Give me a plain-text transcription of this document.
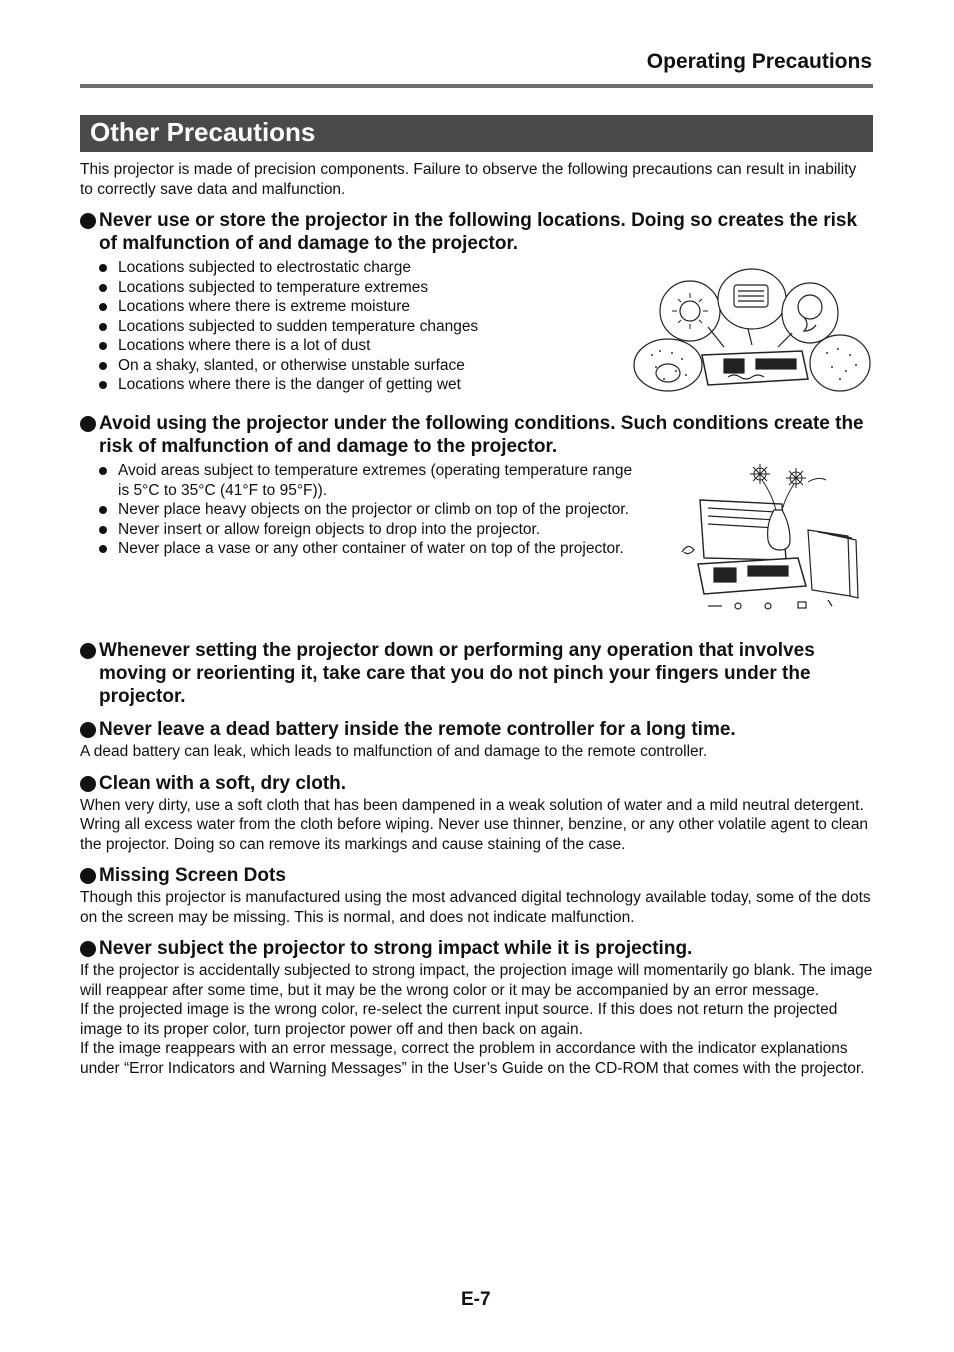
Operating Precautions
Other Precautions

This projector is made of precision components. Failure to observe the following precautions can result in inability to correctly save data and malfunction.

Never use or store the projector in the following locations. Doing so creates the risk of malfunction of and damage to the projector.

Locations subjected to electrostatic charge
Locations subjected to temperature extremes
Locations where there is extreme moisture
Locations subjected to sudden temperature changes
Locations where there is a lot of dust
On a shaky, slanted, or otherwise unstable surface
Locations where there is the danger of getting wet

Avoid using the projector under the following conditions. Such conditions create the risk of malfunction of and damage to the projector.

Avoid areas subject to temperature extremes (operating temperature range is 5°C to 35°C (41°F to 95°F)).
Never place heavy objects on the projector or climb on top of the projector.
Never insert or allow foreign objects to drop into the projector.
Never place a vase or any other container of water on top of the projector.

Whenever setting the projector down or performing any operation that involves moving or reorienting it, take care that you do not pinch your fingers under the projector.

Never leave a dead battery inside the remote controller for a long time.

A dead battery can leak, which leads to malfunction of and damage to the remote controller.

Clean with a soft, dry cloth.

When very dirty, use a soft cloth that has been dampened in a weak solution of water and a mild neutral detergent. Wring all excess water from the cloth before wiping. Never use thinner, benzine, or any other volatile agent to clean the projector. Doing so can remove its markings and cause staining of the case.

Missing Screen Dots

Though this projector is manufactured using the most advanced digital technology available today, some of the dots on the screen may be missing. This is normal, and does not indicate malfunction.

Never subject the projector to strong impact while it is projecting.

If the projector is accidentally subjected to strong impact, the projection image will momentarily go blank. The image will reappear after some time, but it may be the wrong color or it may be accompanied by an error message.

If the projected image is the wrong color, re-select the current input source. If this does not return the projected image to its proper color, turn projector power off and then back on again.

If the image reappears with an error message, correct the problem in accordance with the indicator explanations under “Error Indicators and Warning Messages” in the User’s Guide on the CD-ROM that comes with the projector.

E-7
